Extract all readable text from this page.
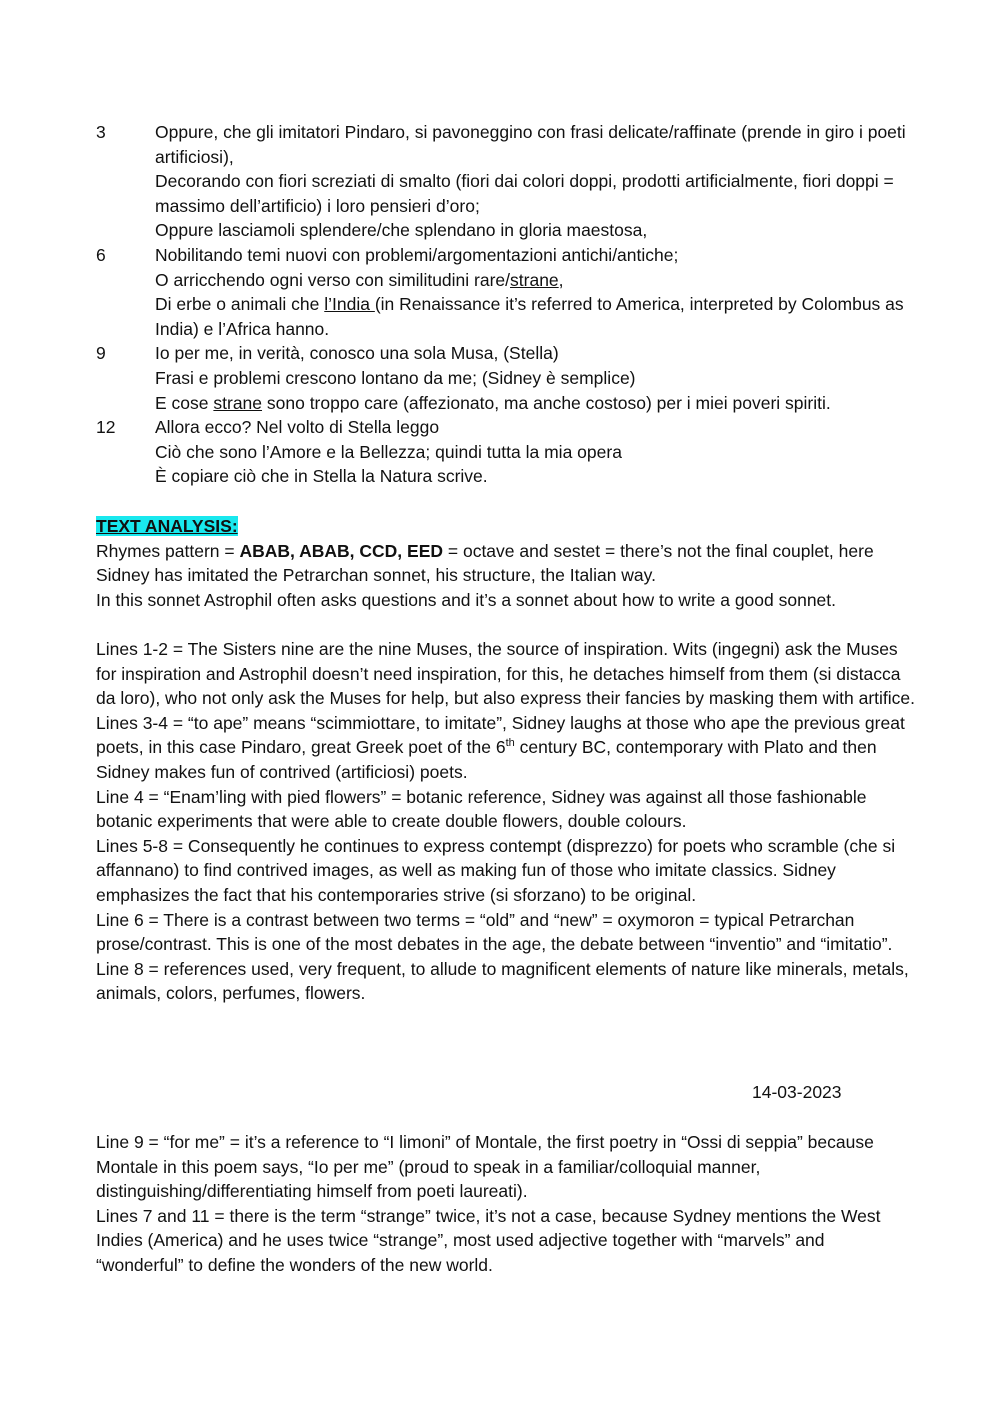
3	Oppure, che gli imitatori Pindaro, si pavoneggino con frasi delicate/raffinate (prende in giro i poeti artificiosi),
Decorando con fiori screziati di smalto (fiori dai colori doppi, prodotti artificialmente, fiori doppi = massimo dell’artificio) i loro pensieri d’oro;
Oppure lasciamoli splendere/che splendano in gloria maestosa,
6	Nobilitando temi nuovi con problemi/argomentazioni antichi/antiche;
O arricchendo ogni verso con similitudini rare/strane,
Di erbe o animali che l’India (in Renaissance it’s referred to America, interpreted by Colombus as India) e l’Africa hanno.
9	Io per me, in verità, conosco una sola Musa, (Stella)
Frasi e problemi crescono lontano da me; (Sidney è semplice)
E cose strane sono troppo care (affezionato, ma anche costoso) per i miei poveri spiriti.
12	Allora ecco? Nel volto di Stella leggo
Ciò che sono l’Amore e la Bellezza; quindi tutta la mia opera
È copiare ciò che in Stella la Natura scrive.

TEXT ANALYSIS:

Rhymes pattern = ABAB, ABAB, CCD, EED = octave and sestet = there’s not the final couplet, here Sidney has imitated the Petrarchan sonnet, his structure, the Italian way.

In this sonnet Astrophil often asks questions and it’s a sonnet about how to write a good sonnet.

Lines 1-2 = The Sisters nine are the nine Muses, the source of inspiration. Wits (ingegni) ask the Muses for inspiration and Astrophil doesn’t need inspiration, for this, he detaches himself from them (si distacca da loro), who not only ask the Muses for help, but also express their fancies by masking them with artifice.

Lines 3-4 = “to ape” means “scimmiottare, to imitate”, Sidney laughs at those who ape the previous great poets, in this case Pindaro, great Greek poet of the 6th century BC, contemporary with Plato and then Sidney makes fun of contrived (artificiosi) poets.

Line 4 = “Enam’ling with pied flowers” = botanic reference, Sidney was against all those fashionable botanic experiments that were able to create double flowers, double colours.

Lines 5-8 = Consequently he continues to express contempt (disprezzo) for poets who scramble (che si affannano) to find contrived images, as well as making fun of those who imitate classics. Sidney emphasizes the fact that his contemporaries strive (si sforzano) to be original.

Line 6 = There is a contrast between two terms = “old” and “new” = oxymoron = typical Petrarchan prose/contrast. This is one of the most debates in the age, the debate between “inventio” and “imitatio”.

Line 8 = references used, very frequent, to allude to magnificent elements of nature like minerals, metals, animals, colors, perfumes, flowers.

14-03-2023

Line 9 = “for me” = it’s a reference to “I limoni” of Montale, the first poetry in “Ossi di seppia” because Montale in this poem says, “Io per me” (proud to speak in a familiar/colloquial manner, distinguishing/differentiating himself from poeti laureati).

Lines 7 and 11 = there is the term “strange” twice, it’s not a case, because Sydney mentions the West Indies (America) and he uses twice “strange”, most used adjective together with “marvels” and “wonderful” to define the wonders of the new world.
